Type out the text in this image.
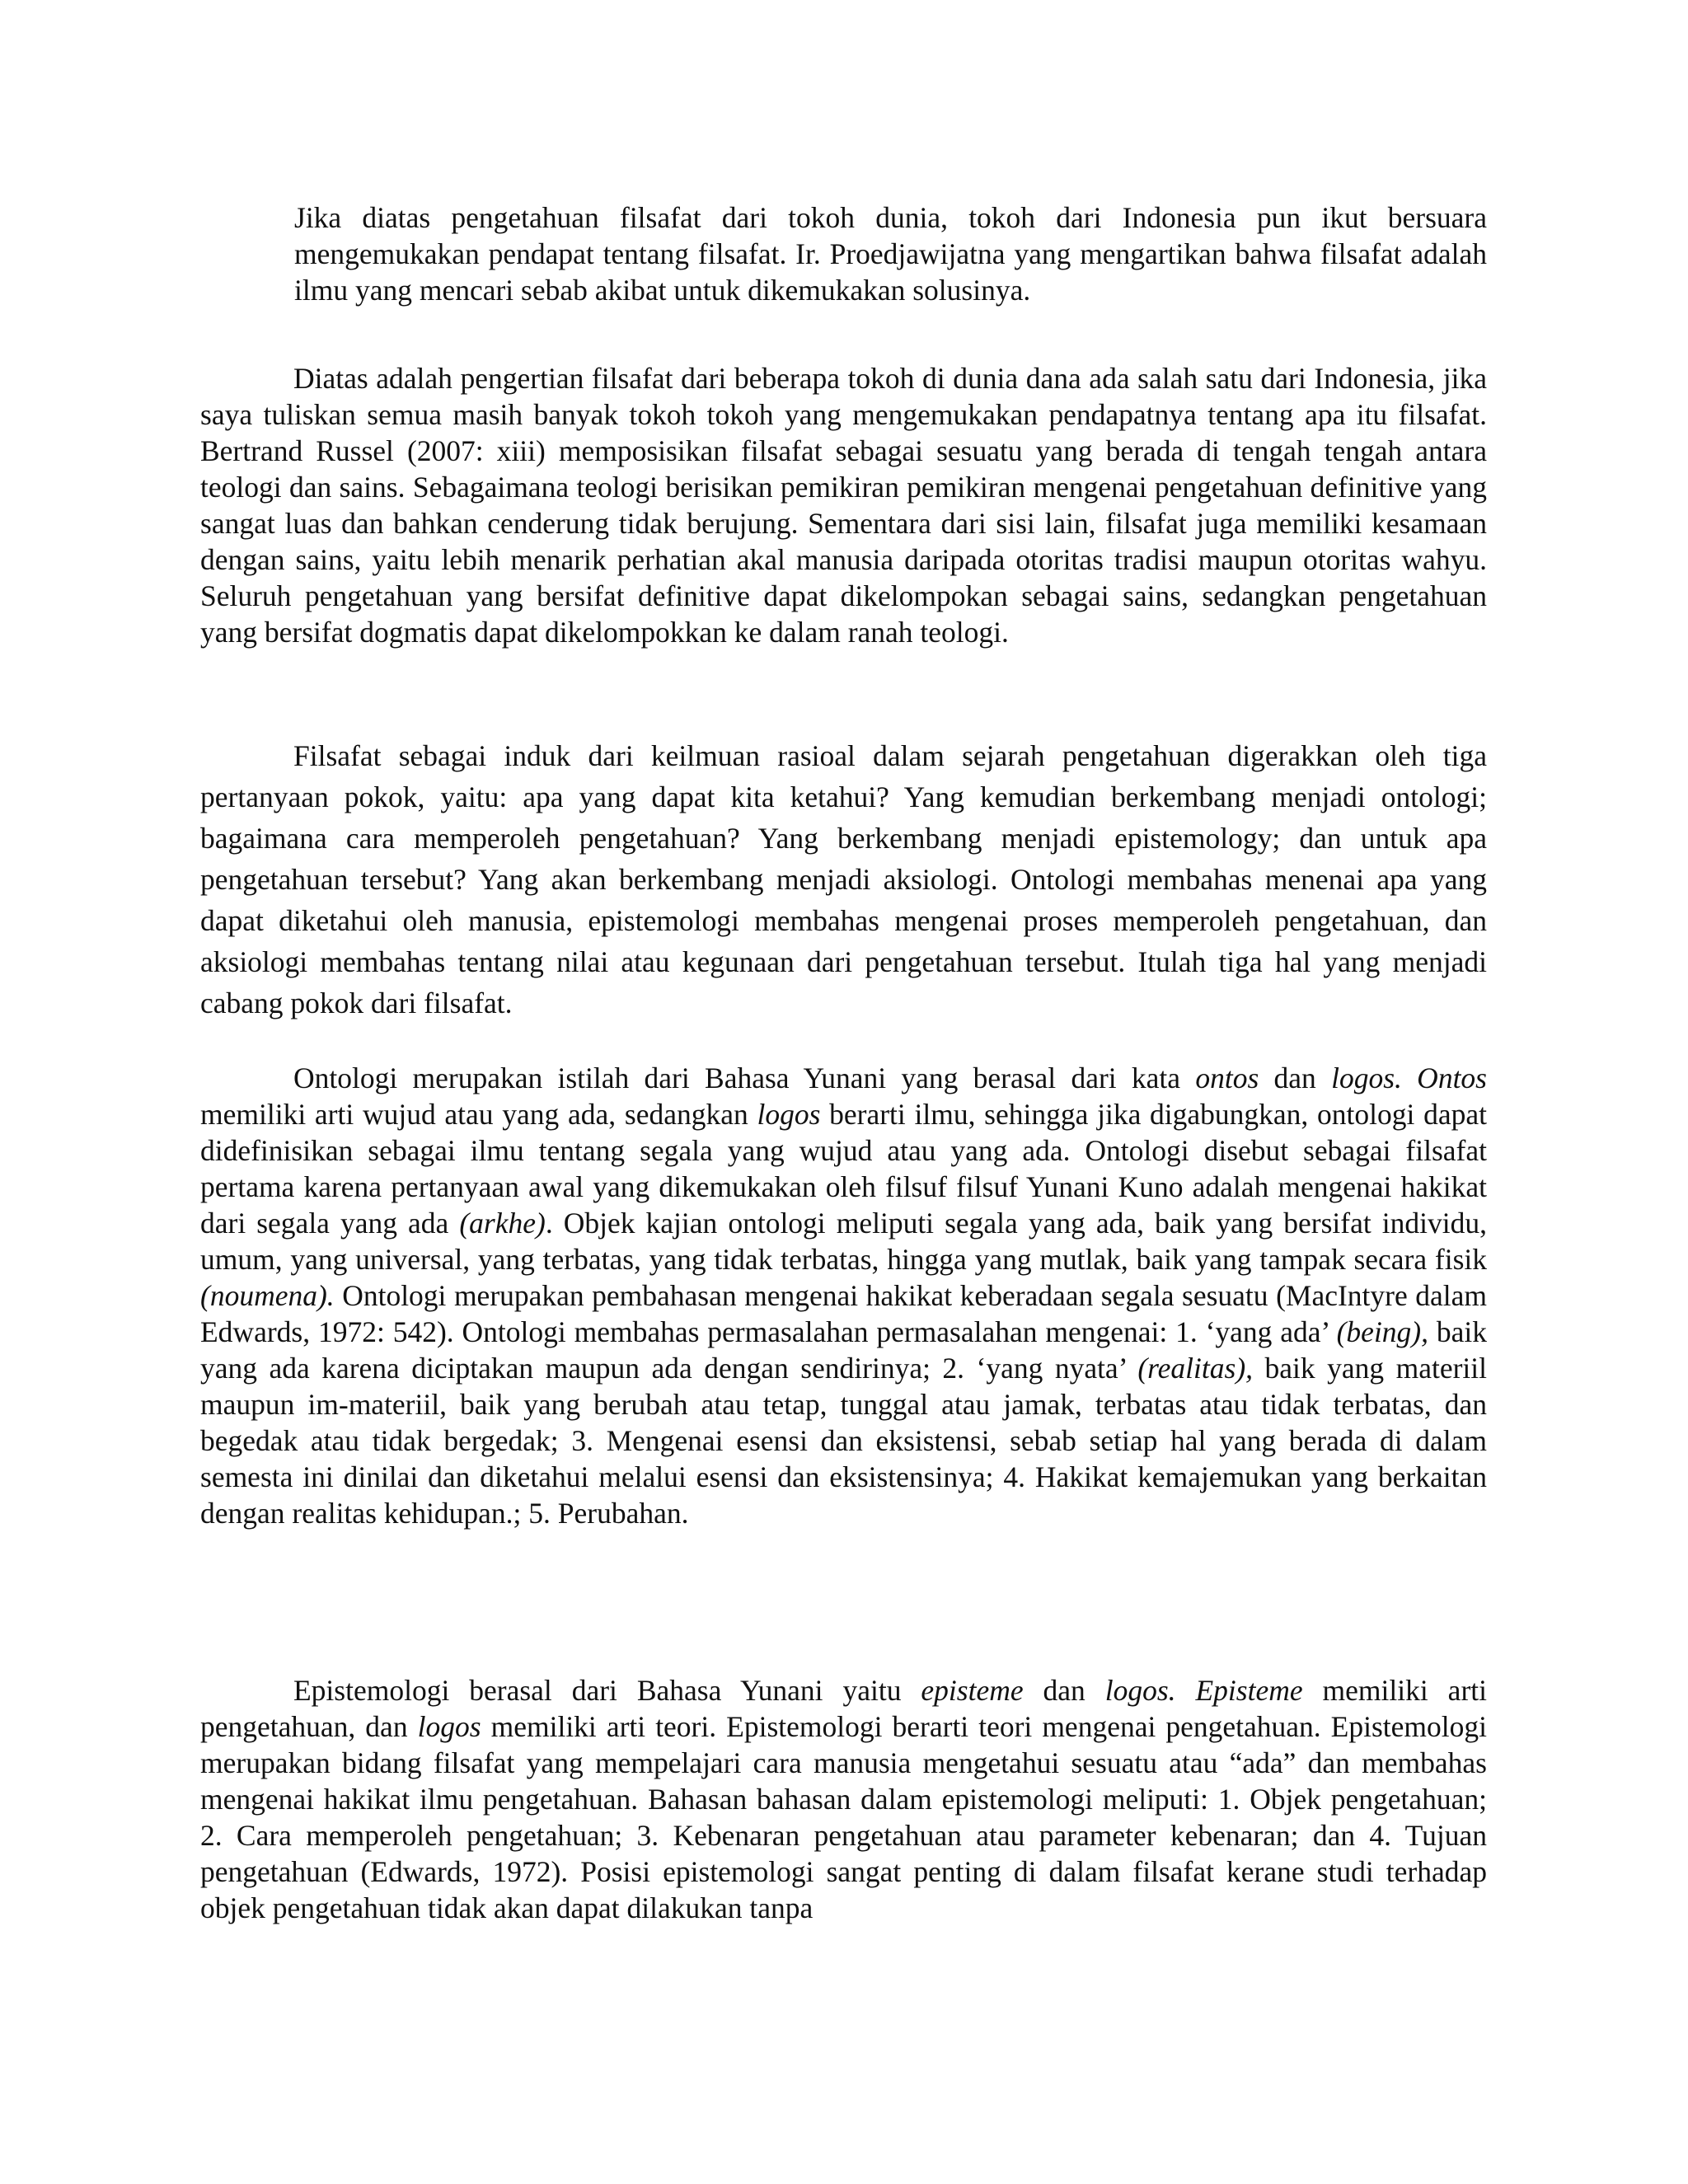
Jika diatas pengetahuan filsafat dari tokoh dunia, tokoh dari Indonesia pun ikut bersuara mengemukakan pendapat tentang filsafat. Ir. Proedjawijatna yang mengartikan bahwa filsafat adalah ilmu yang mencari sebab akibat untuk dikemukakan solusinya.

Diatas adalah pengertian filsafat dari beberapa tokoh di dunia dana ada salah satu dari Indonesia, jika saya tuliskan semua masih banyak tokoh tokoh yang mengemukakan pendapatnya tentang apa itu filsafat. Bertrand Russel (2007: xiii) memposisikan filsafat sebagai sesuatu yang berada di tengah tengah antara teologi dan sains. Sebagaimana teologi berisikan pemikiran pemikiran mengenai pengetahuan definitive yang sangat luas dan bahkan cenderung tidak berujung. Sementara dari sisi lain, filsafat juga memiliki kesamaan dengan sains, yaitu lebih menarik perhatian akal manusia daripada otoritas tradisi maupun otoritas wahyu. Seluruh pengetahuan yang bersifat definitive dapat dikelompokan sebagai sains, sedangkan pengetahuan yang bersifat dogmatis dapat dikelompokkan ke dalam ranah teologi.

Filsafat sebagai induk dari keilmuan rasioal dalam sejarah pengetahuan digerakkan oleh tiga pertanyaan pokok, yaitu: apa yang dapat kita ketahui? Yang kemudian berkembang menjadi ontologi; bagaimana cara memperoleh pengetahuan? Yang berkembang menjadi epistemology; dan untuk apa pengetahuan tersebut? Yang akan berkembang menjadi aksiologi. Ontologi membahas menenai apa yang dapat diketahui oleh manusia, epistemologi membahas mengenai proses memperoleh pengetahuan, dan aksiologi membahas tentang nilai atau kegunaan dari pengetahuan tersebut. Itulah tiga hal yang menjadi cabang pokok dari filsafat.

Ontologi merupakan istilah dari Bahasa Yunani yang berasal dari kata ontos dan logos. Ontos memiliki arti wujud atau yang ada, sedangkan logos berarti ilmu, sehingga jika digabungkan, ontologi dapat didefinisikan sebagai ilmu tentang segala yang wujud atau yang ada. Ontologi disebut sebagai filsafat pertama karena pertanyaan awal yang dikemukakan oleh filsuf filsuf Yunani Kuno adalah mengenai hakikat dari segala yang ada (arkhe). Objek kajian ontologi meliputi segala yang ada, baik yang bersifat individu, umum, yang universal, yang terbatas, yang tidak terbatas, hingga yang mutlak, baik yang tampak secara fisik (noumena). Ontologi merupakan pembahasan mengenai hakikat keberadaan segala sesuatu (MacIntyre dalam Edwards, 1972: 542). Ontologi membahas permasalahan permasalahan mengenai: 1. ‘yang ada’ (being), baik yang ada karena diciptakan maupun ada dengan sendirinya; 2. ‘yang nyata’ (realitas), baik yang materiil maupun im-materiil, baik yang berubah atau tetap, tunggal atau jamak, terbatas atau tidak terbatas, dan begedak atau tidak bergedak; 3. Mengenai esensi dan eksistensi, sebab setiap hal yang berada di dalam semesta ini dinilai dan diketahui melalui esensi dan eksistensinya; 4. Hakikat kemajemukan yang berkaitan dengan realitas kehidupan.; 5. Perubahan.

Epistemologi berasal dari Bahasa Yunani yaitu episteme dan logos. Episteme memiliki arti pengetahuan, dan logos memiliki arti teori. Epistemologi berarti teori mengenai pengetahuan. Epistemologi merupakan bidang filsafat yang mempelajari cara manusia mengetahui sesuatu atau “ada” dan membahas mengenai hakikat ilmu pengetahuan. Bahasan bahasan dalam epistemologi meliputi: 1. Objek pengetahuan; 2. Cara memperoleh pengetahuan; 3. Kebenaran pengetahuan atau parameter kebenaran; dan 4. Tujuan pengetahuan (Edwards, 1972). Posisi epistemologi sangat penting di dalam filsafat kerane studi terhadap objek pengetahuan tidak akan dapat dilakukan tanpa
